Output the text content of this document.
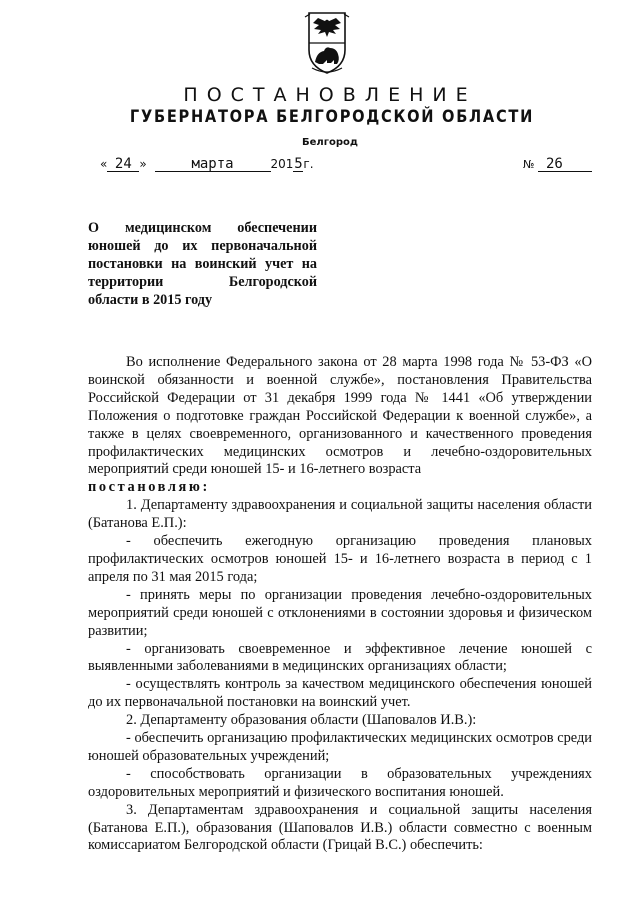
ПОСТАНОВЛЕНИЕ
ГУБЕРНАТОРА БЕЛГОРОДСКОЙ ОБЛАСТИ
Белгород
« 24 »	марта	2015г.	№ 26
О медицинском обеспечении
юношей до их первоначальной
постановки на воинский учет на
территории Белгородской
области в 2015 году

Во исполнение Федерального закона от 28 марта 1998 года № 53-ФЗ «О воинской обязанности и военной службе», постановления Правительства Российской Федерации от 31 декабря 1999 года № 1441 «Об утверждении Положения о подготовке граждан Российской Федерации к военной службе», а также в целях своевременного, организованного и качественного проведения профилактических медицинских осмотров и лечебно-оздоровительных мероприятий среди юношей 15- и 16-летнего возраста

постановляю:

1. Департаменту здравоохранения и социальной защиты населения области (Батанова Е.П.):

- обеспечить ежегодную организацию проведения плановых профилактических осмотров юношей 15- и 16-летнего возраста в период с 1 апреля по 31 мая 2015 года;

- принять меры по организации проведения лечебно-оздоровительных мероприятий среди юношей с отклонениями в состоянии здоровья и физическом развитии;

- организовать своевременное и эффективное лечение юношей с выявленными заболеваниями в медицинских организациях области;

- осуществлять контроль за качеством медицинского обеспечения юношей до их первоначальной постановки на воинский учет.

2. Департаменту образования области (Шаповалов И.В.):

- обеспечить организацию профилактических медицинских осмотров среди юношей образовательных учреждений;

- способствовать организации в образовательных учреждениях оздоровительных мероприятий и физического воспитания юношей.

3. Департаментам здравоохранения и социальной защиты населения (Батанова Е.П.), образования (Шаповалов И.В.) области совместно с военным комиссариатом Белгородской области (Грицай В.С.) обеспечить:
